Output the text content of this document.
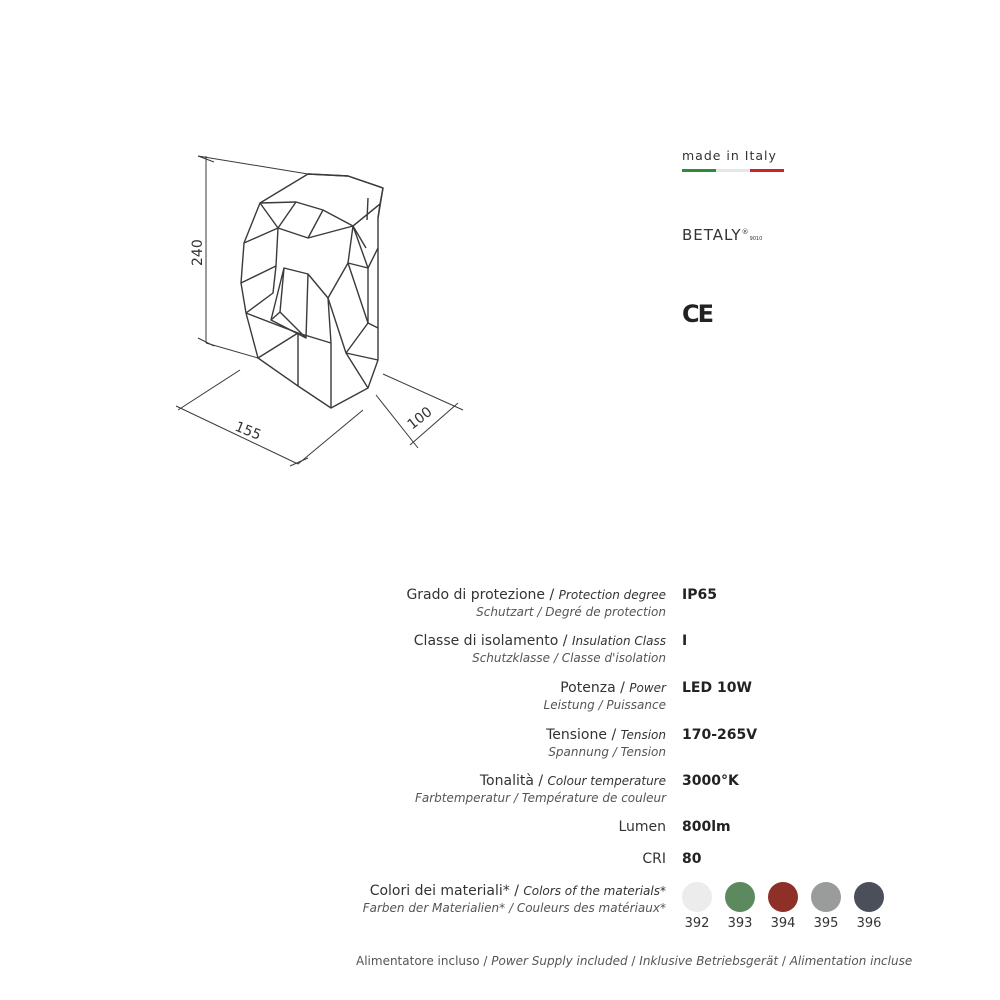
240
155	100
made in Italy
BETALY®9010
CE
Grado di protezione / Protection degree
Schutzart / Degré de protection
IP65
Classe di isolamento / Insulation Class
Schutzklasse / Classe d'isolation
I
Potenza / Power
Leistung / Puissance
LED 10W
Tensione / Tension
Spannung / Tension
170-265V
Tonalità / Colour temperature
Farbtemperatur / Température de couleur
3000°K
Lumen 800lm
CRI 80
Colori dei materiali* / Colors of the materials*
Farben der Materialien* / Couleurs des matériaux*
392 393 394 395 396
Alimentatore incluso / Power Supply included / Inklusive Betriebsgerät / Alimentation incluse
